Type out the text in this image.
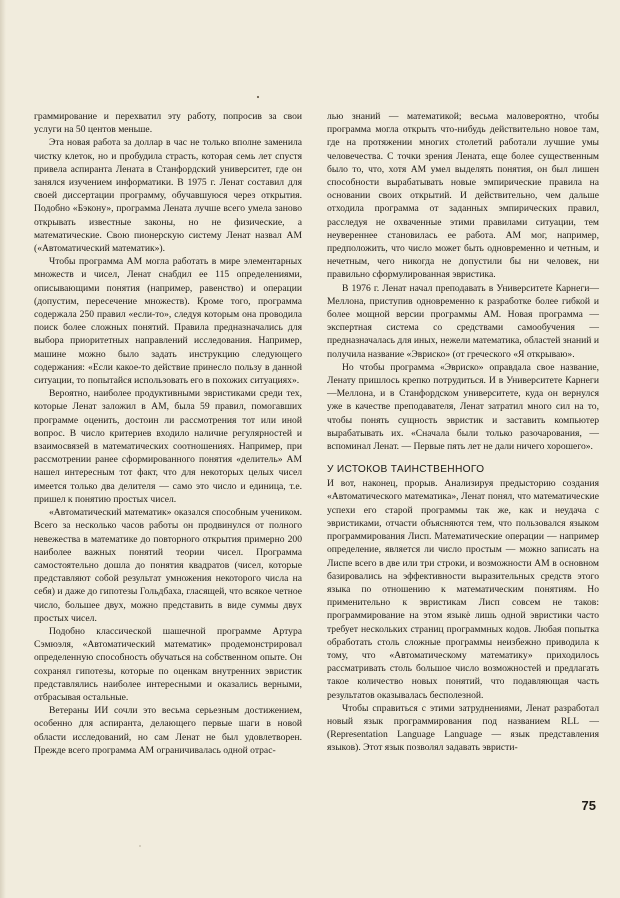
граммирование и перехватил эту работу, попросив за свои услуги на 50 центов меньше.

Эта новая работа за доллар в час не только вполне заменила чистку клеток, но и пробудила страсть, которая семь лет спустя привела аспиранта Лената в Станфордский университет, где он занялся изучением информатики. В 1975 г. Ленат составил для своей диссертации программу, обучавшуюся через открытия. Подобно «Бэкону», программа Лената лучше всего умела заново открывать известные законы, но не физические, а математические. Свою пионерскую систему Ленат назвал АМ («Автоматический математик»).

Чтобы программа АМ могла работать в мире элементарных множеств и чисел, Ленат снабдил ее 115 определениями, описывающими понятия (например, равенство) и операции (допустим, пересечение множеств). Кроме того, программа содержала 250 правил «если-то», следуя которым она проводила поиск более сложных понятий. Правила предназначались для выбора приоритетных направлений исследования. Например, машине можно было задать инструкцию следующего содержания: «Если какое-то действие принесло пользу в данной ситуации, то попытайся использовать его в похожих ситуациях».

Вероятно, наиболее продуктивными эвристиками среди тех, которые Ленат заложил в АМ, была 59 правил, помогавших программе оценить, достоин ли рассмотрения тот или иной вопрос. В число критериев входило наличие регулярностей и взаимосвязей в математических соотношениях. Например, при рассмотрении ранее сформированного понятия «делитель» АМ нашел интересным тот факт, что для некоторых целых чисел имеется только два делителя — само это число и единица, т.е. пришел к понятию простых чисел.

«Автоматический математик» оказался способным учеником. Всего за несколько часов работы он продвинулся от полного невежества в математике до повторного открытия примерно 200 наиболее важных понятий теории чисел. Программа самостоятельно дошла до понятия квадратов (чисел, которые представляют собой результат умножения некоторого числа на себя) и даже до гипотезы Гольдбаха, гласящей, что всякое четное число, большее двух, можно представить в виде суммы двух простых чисел.

Подобно классической шашечной программе Артура Сэмюэля, «Автоматический математик» продемонстрировал определенную способность обучаться на собственном опыте. Он сохранял гипотезы, которые по оценкам внутренних эвристик представлялись наиболее интересными и оказались верными, отбрасывая остальные.

Ветераны ИИ сочли это весьма серьезным достижением, особенно для аспиранта, делающего первые шаги в новой области исследований, но сам Ленат не был удовлетворен. Прежде всего программа АМ ограничивалась одной отрас-

лью знаний — математикой; весьма маловероятно, чтобы программа могла открыть что-нибудь действительно новое там, где на протяжении многих столетий работали лучшие умы человечества. С точки зрения Лената, еще более существенным было то, что, хотя АМ умел выделять понятия, он был лишен способности вырабатывать новые эмпирические правила на основании своих открытий. И действительно, чем дальше отходила программа от заданных эмпирических правил, расследуя не охваченные этими правилами ситуации, тем неувереннее становилась ее работа. АМ мог, например, предположить, что число может быть одновременно и четным, и нечетным, чего никогда не допустили бы ни человек, ни правильно сформулированная эвристика.

В 1976 г. Ленат начал преподавать в Университете Карнеги—Меллона, приступив одновременно к разработке более гибкой и более мощной версии программы АМ. Новая программа — экспертная система со средствами самообучения — предназначалась для иных, нежели математика, областей знаний и получила название «Эвриско» (от греческого «Я открываю».

Но чтобы программа «Эвриско» оправдала свое название, Ленату пришлось крепко потрудиться. И в Университете Карнеги —Меллона, и в Станфордском университете, куда он вернулся уже в качестве преподавателя, Ленат затратил много сил на то, чтобы понять сущность эвристик и заставить компьютер вырабатывать их. «Сначала были только разочарования, — вспоминал Ленат. — Первые пять лет не дали ничего хорошего».

У ИСТОКОВ ТАИНСТВЕННОГО

И вот, наконец, прорыв. Анализируя предысторию создания «Автоматического математика», Ленат понял, что математические успехи его старой программы так же, как и неудача с эвристиками, отчасти объясняются тем, что пользовался языком программирования Лисп. Математические операции — например определение, является ли число простым — можно записать на Лиспе всего в две или три строки, и возможности АМ в основном базировались на эффективности выразительных средств этого языка по отношению к математическим понятиям. Но применительно к эвристикам Лисп совсем не таков: программирование на этом языке лишь одной эвристики часто требует нескольких страниц программных кодов. Любая попытка обработать столь сложные программы неизбежно приводила к тому, что «Автоматическому математику» приходилось рассматривать столь большое число возможностей и предлагать такое количество новых понятий, что подавляющая часть результатов оказывалась бесполезной.

Чтобы справиться с этими затруднениями, Ленат разработал новый язык программирования под названием RLL — (Representation Language Language — язык представления языков). Этот язык позволял задавать эвристи-

75
